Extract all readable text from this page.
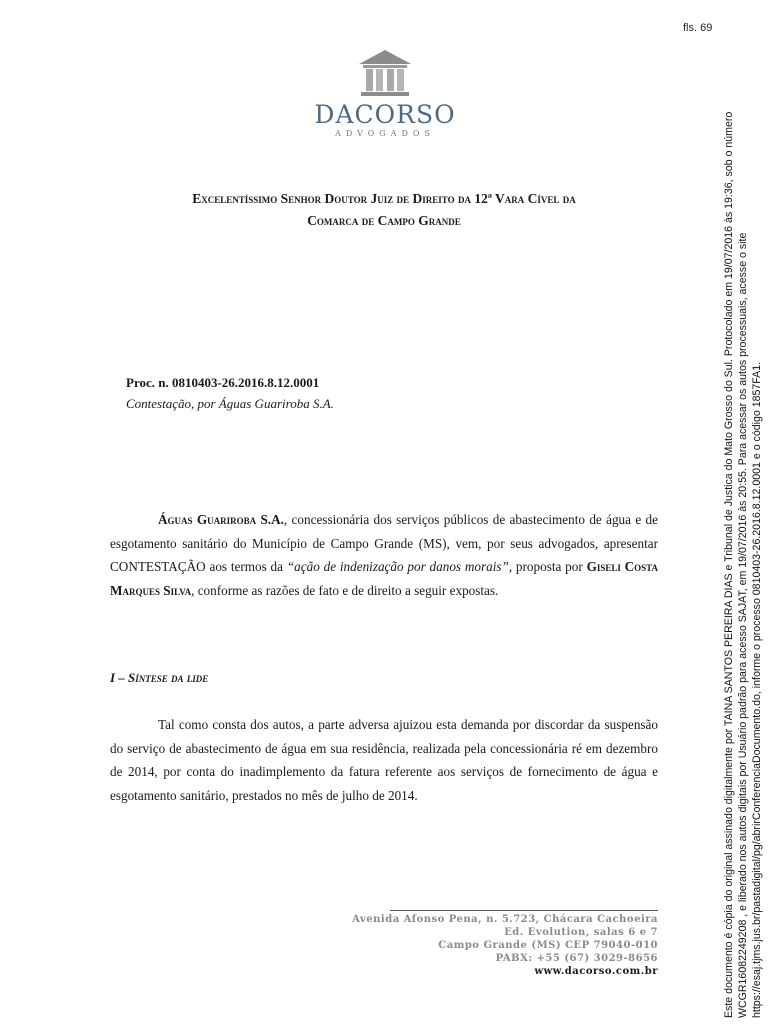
fls. 69
DACORSO
ADVOGADOS
Excelentíssimo Senhor Doutor Juiz de Direito da 12ª Vara Cível da
Comarca de Campo Grande
Proc. n. 0810403-26.2016.8.12.0001
Contestação, por Águas Guariroba S.A.
Águas Guariroba S.A., concessionária dos serviços públicos de abastecimento de água e de esgotamento sanitário do Município de Campo Grande (MS), vem, por seus advogados, apresentar CONTESTAÇÃO aos termos da “ação de indenização por danos morais”, proposta por Giseli Costa Marques Silva, conforme as razões de fato e de direito a seguir expostas.
I – Síntese da lide
Tal como consta dos autos, a parte adversa ajuizou esta demanda por discordar da suspensão do serviço de abastecimento de água em sua residência, realizada pela concessionária ré em dezembro de 2014, por conta do inadimplemento da fatura referente aos serviços de fornecimento de água e esgotamento sanitário, prestados no mês de julho de 2014.
Avenida Afonso Pena, n. 5.723, Chácara Cachoeira
Ed. Evolution, salas 6 e 7
Campo Grande (MS) CEP 79040-010
PABX: +55 (67) 3029-8656
www.dacorso.com.br	Este documento é cópia do original assinado digitalmente por TAINA SANTOS PEREIRA DIAS e Tribunal de Justica do Mato Grosso do Sul. Protocolado em 19/07/2016 às 19:36, sob o número WCGR16082249208 , e liberado nos autos digitais por Usuário padrão para acesso SAJAT, em 19/07/2016 às 20:55. Para acessar os autos processuais, acesse o site https://esaj.tjms.jus.br/pastadigital/pg/abrirConferenciaDocumento.do, informe o processo 0810403-26.2016.8.12.0001 e o código 1857FA1.
